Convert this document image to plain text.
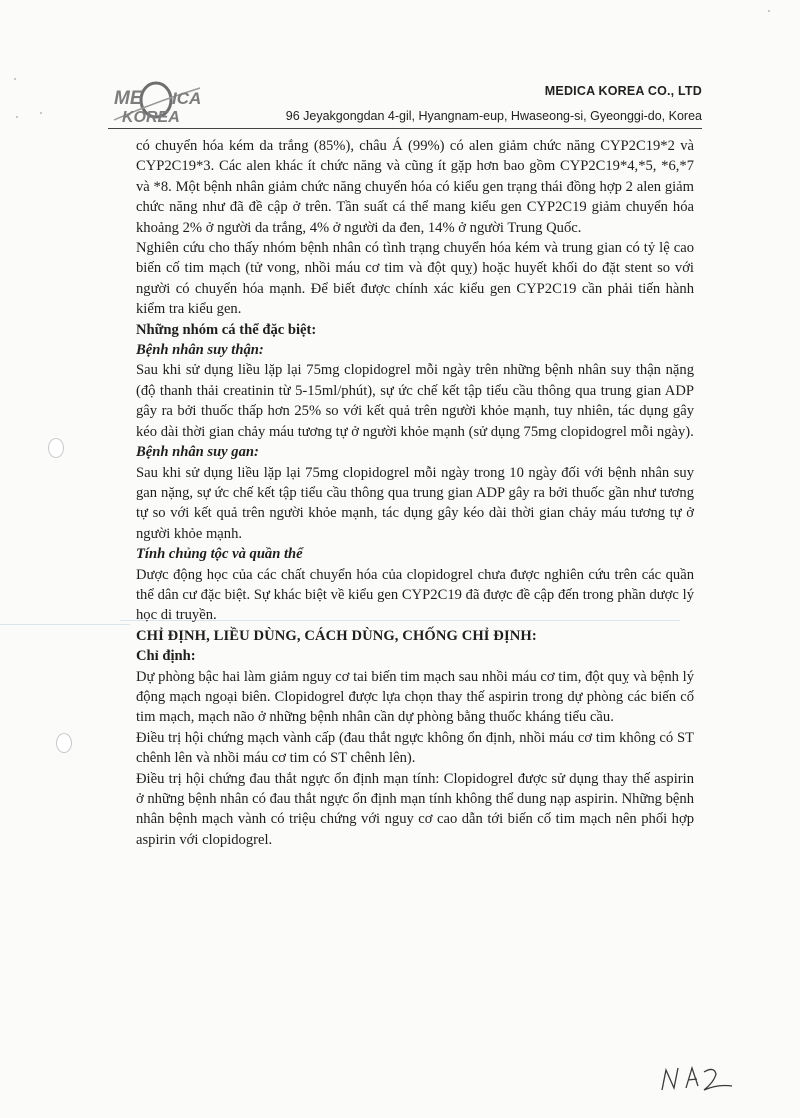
ME ICA
KOREA
MEDICA KOREA CO., LTD
96 Jeyakgongdan 4-gil, Hyangnam-eup, Hwaseong-si, Gyeonggi-do, Korea

có chuyển hóa kém da trắng (85%), châu Á (99%) có alen giảm chức năng CYP2C19*2 và CYP2C19*3. Các alen khác ít chức năng và cũng ít gặp hơn bao gồm CYP2C19*4,*5, *6,*7 và *8. Một bệnh nhân giảm chức năng chuyển hóa có kiểu gen trạng thái đồng hợp 2 alen giảm chức năng như đã đề cập ở trên. Tần suất cá thể mang kiểu gen CYP2C19 giảm chuyển hóa khoảng 2% ở người da trắng, 4% ở người da đen, 14% ở người Trung Quốc.

Nghiên cứu cho thấy nhóm bệnh nhân có tình trạng chuyển hóa kém và trung gian có tỷ lệ cao biến cố tim mạch (tử vong, nhồi máu cơ tim và đột quỵ) hoặc huyết khối do đặt stent so với người có chuyển hóa mạnh. Để biết được chính xác kiểu gen CYP2C19 cần phải tiến hành kiểm tra kiểu gen.

Những nhóm cá thể đặc biệt:

Bệnh nhân suy thận:

Sau khi sử dụng liều lặp lại 75mg clopidogrel mỗi ngày trên những bệnh nhân suy thận nặng (độ thanh thải creatinin từ 5-15ml/phút), sự ức chế kết tập tiểu cầu thông qua trung gian ADP gây ra bởi thuốc thấp hơn 25% so với kết quả trên người khỏe mạnh, tuy nhiên, tác dụng gây kéo dài thời gian chảy máu tương tự ở người khỏe mạnh (sử dụng 75mg clopidogrel mỗi ngày).

Bệnh nhân suy gan:

Sau khi sử dụng liều lặp lại 75mg clopidogrel mỗi ngày trong 10 ngày đối với bệnh nhân suy gan nặng, sự ức chế kết tập tiểu cầu thông qua trung gian ADP gây ra bởi thuốc gần như tương tự so với kết quả trên người khỏe mạnh, tác dụng gây kéo dài thời gian chảy máu tương tự ở người khỏe mạnh.

Tính chủng tộc và quần thể

Dược động học của các chất chuyển hóa của clopidogrel chưa được nghiên cứu trên các quần thể dân cư đặc biệt. Sự khác biệt về kiểu gen CYP2C19 đã được đề cập đến trong phần dược lý học di truyền.

CHỈ ĐỊNH, LIỀU DÙNG, CÁCH DÙNG, CHỐNG CHỈ ĐỊNH:

Chỉ định:

Dự phòng bậc hai làm giảm nguy cơ tai biến tim mạch sau nhồi máu cơ tim, đột quỵ và bệnh lý động mạch ngoại biên. Clopidogrel được lựa chọn thay thế aspirin trong dự phòng các biến cố tim mạch, mạch não ở những bệnh nhân cần dự phòng bằng thuốc kháng tiểu cầu.

Điều trị hội chứng mạch vành cấp (đau thắt ngực không ổn định, nhồi máu cơ tim không có ST chênh lên và nhồi máu cơ tim có ST chênh lên).

Điều trị hội chứng đau thắt ngực ổn định mạn tính: Clopidogrel được sử dụng thay thế aspirin ở những bệnh nhân có đau thắt ngực ổn định mạn tính không thể dung nạp aspirin. Những bệnh nhân bệnh mạch vành có triệu chứng với nguy cơ cao dẫn tới biến cố tim mạch nên phối hợp aspirin với clopidogrel.
